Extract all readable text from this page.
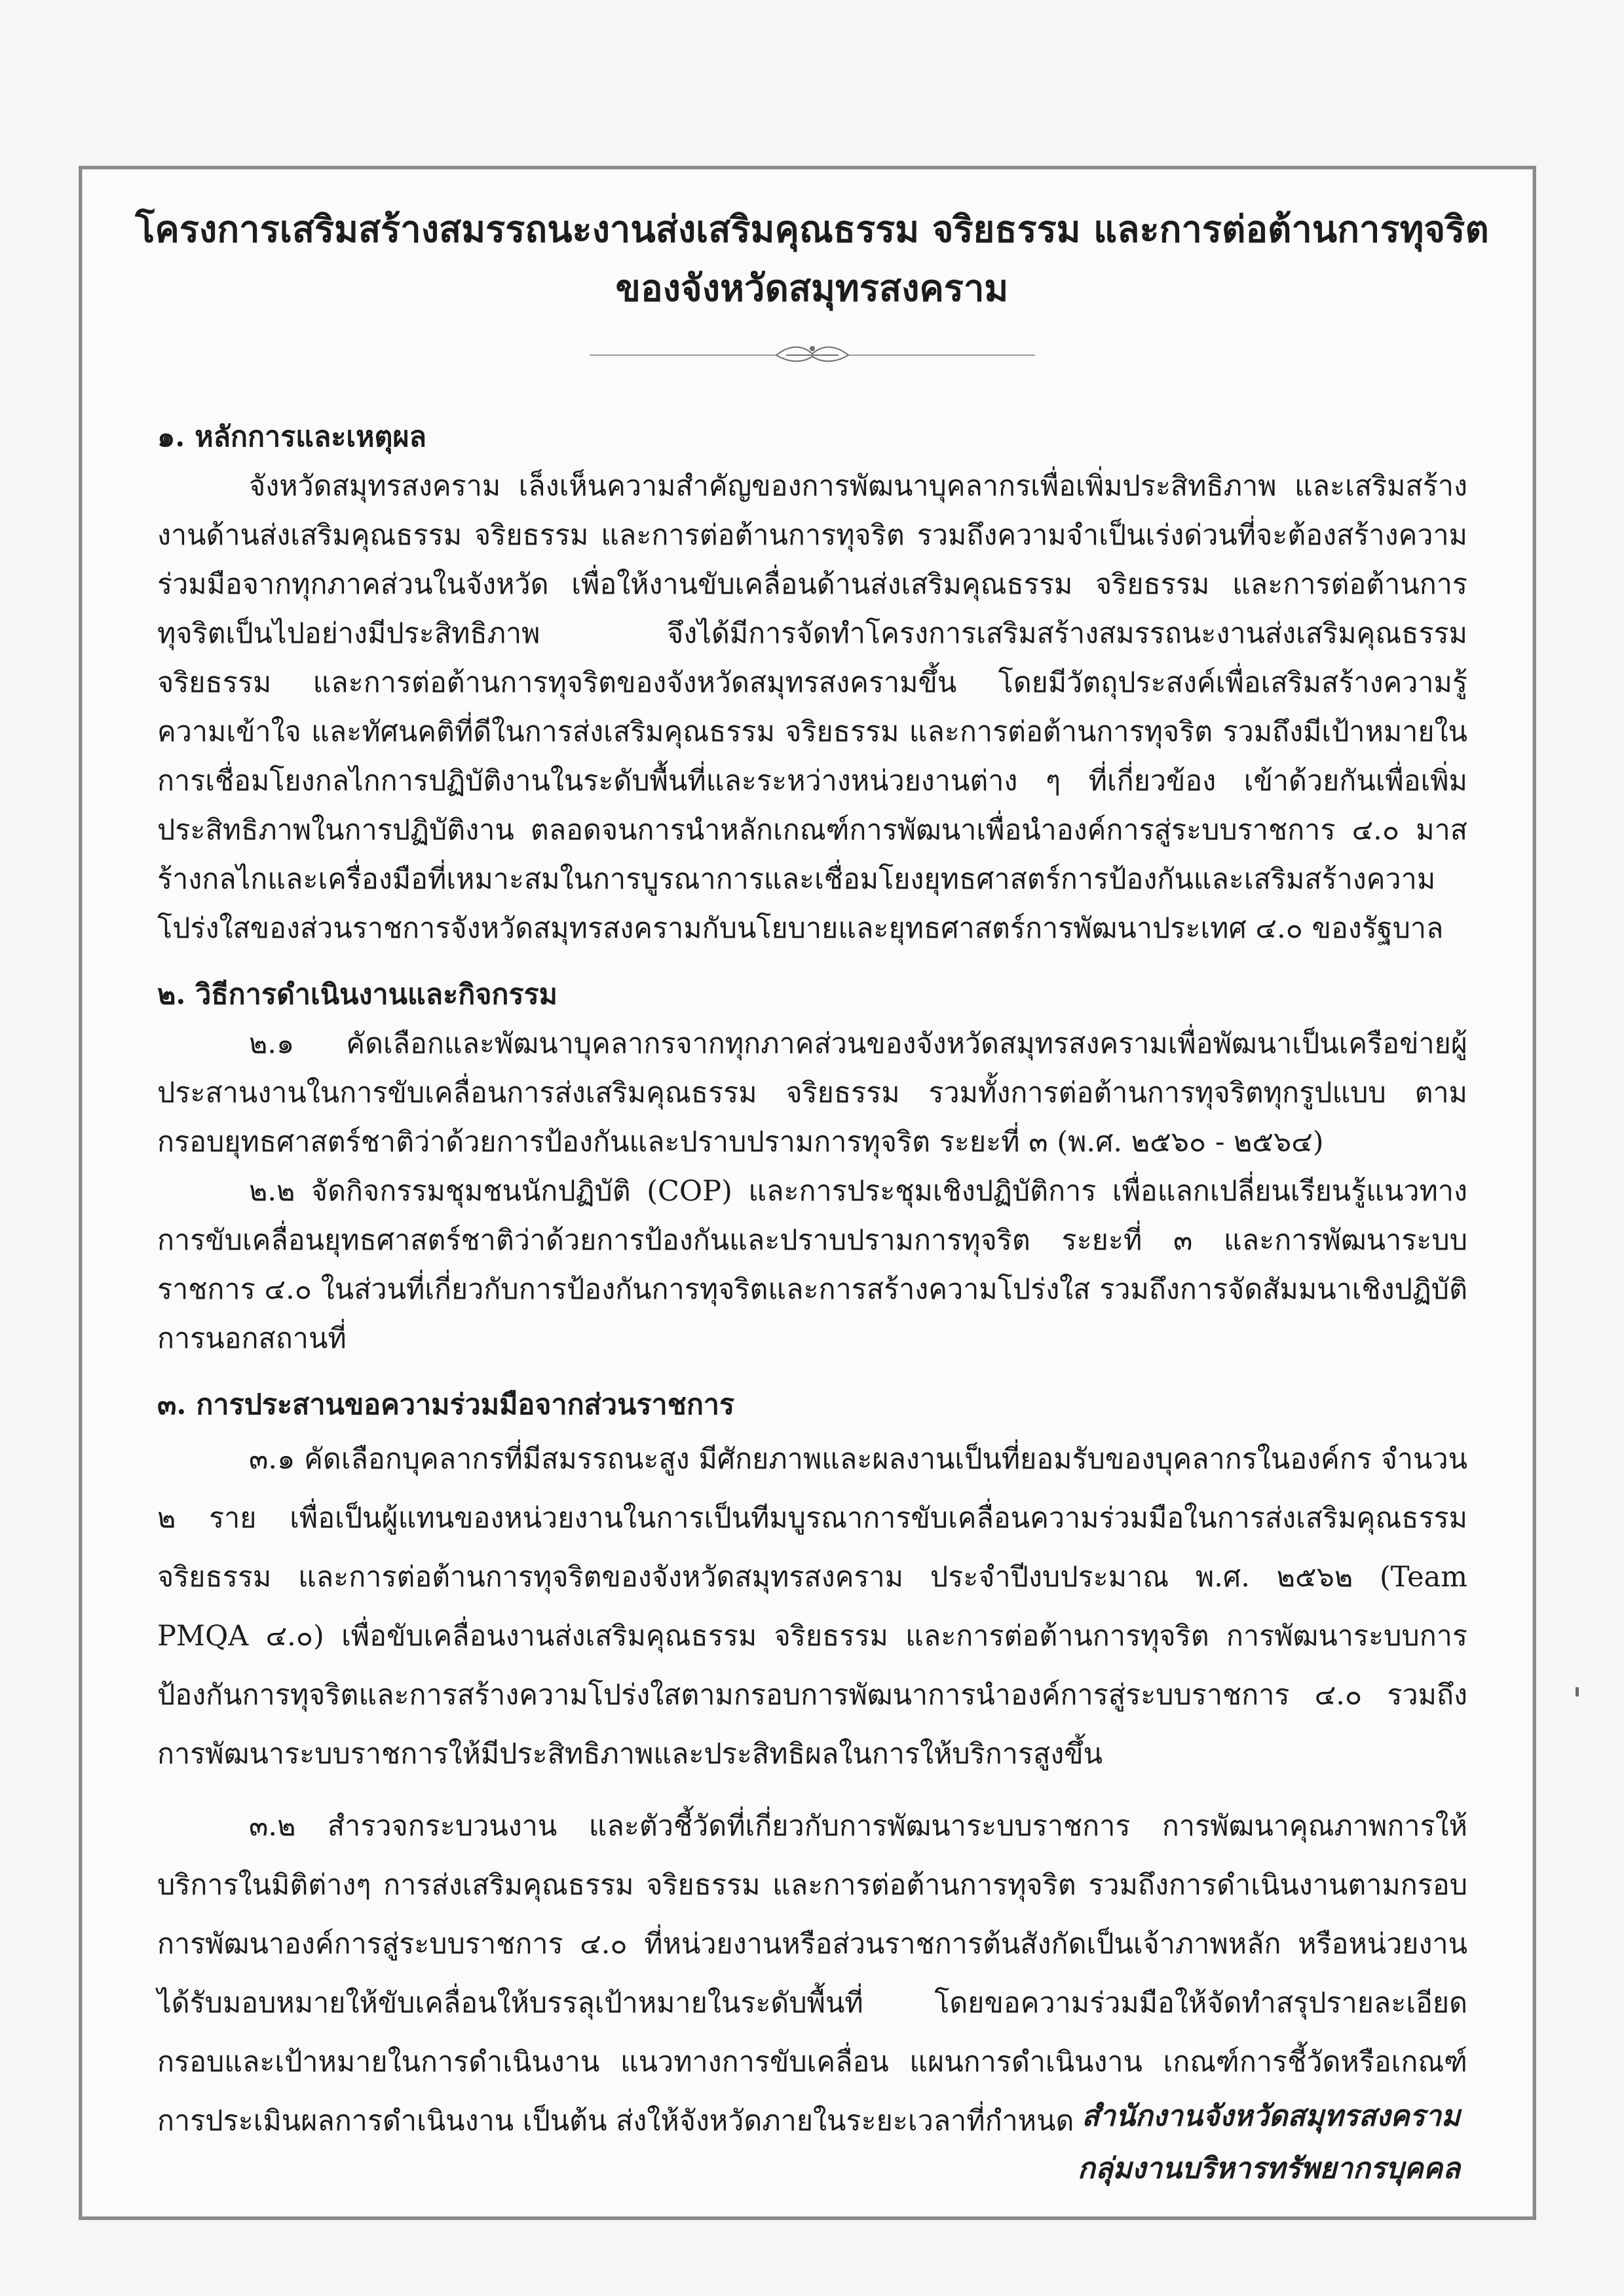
โครงการเสริมสร้างสมรรถนะงานส่งเสริมคุณธรรม จริยธรรม และการต่อต้านการทุจริต
ของจังหวัดสมุทรสงคราม

๑. หลักการและเหตุผล

จังหวัดสมุทรสงคราม เล็งเห็นความสำคัญของการพัฒนาบุคลากรเพื่อเพิ่มประสิทธิภาพ และเสริมสร้างงานด้านส่งเสริมคุณธรรม จริยธรรม และการต่อต้านการทุจริต รวมถึงความจำเป็นเร่งด่วนที่จะต้องสร้างความร่วมมือจากทุกภาคส่วนในจังหวัด เพื่อให้งานขับเคลื่อนด้านส่งเสริมคุณธรรม จริยธรรม และการต่อต้านการทุจริตเป็นไปอย่างมีประสิทธิภาพ จึงได้มีการจัดทำโครงการเสริมสร้างสมรรถนะงานส่งเสริมคุณธรรม จริยธรรม และการต่อต้านการทุจริตของจังหวัดสมุทรสงครามขึ้น โดยมีวัตถุประสงค์เพื่อเสริมสร้างความรู้ความเข้าใจ และทัศนคติที่ดีในการส่งเสริมคุณธรรม จริยธรรม และการต่อต้านการทุจริต รวมถึงมีเป้าหมายในการเชื่อมโยงกลไกการปฏิบัติงานในระดับพื้นที่และระหว่างหน่วยงานต่าง ๆ ที่เกี่ยวข้อง เข้าด้วยกันเพื่อเพิ่มประสิทธิภาพในการปฏิบัติงาน ตลอดจนการนำหลักเกณฑ์การพัฒนาเพื่อนำองค์การสู่ระบบราชการ ๔.๐ มาสร้างกลไกและเครื่องมือที่เหมาะสมในการบูรณาการและเชื่อมโยงยุทธศาสตร์การป้องกันและเสริมสร้างความโปร่งใสของส่วนราชการจังหวัดสมุทรสงครามกับนโยบายและยุทธศาสตร์การพัฒนาประเทศ ๔.๐ ของรัฐบาล

๒. วิธีการดำเนินงานและกิจกรรม

๒.๑ คัดเลือกและพัฒนาบุคลากรจากทุกภาคส่วนของจังหวัดสมุทรสงครามเพื่อพัฒนาเป็นเครือข่ายผู้ประสานงานในการขับเคลื่อนการส่งเสริมคุณธรรม จริยธรรม รวมทั้งการต่อต้านการทุจริตทุกรูปแบบ ตามกรอบยุทธศาสตร์ชาติว่าด้วยการป้องกันและปราบปรามการทุจริต ระยะที่ ๓ (พ.ศ. ๒๕๖๐ - ๒๕๖๔)

๒.๒ จัดกิจกรรมชุมชนนักปฏิบัติ (COP) และการประชุมเชิงปฏิบัติการ เพื่อแลกเปลี่ยนเรียนรู้แนวทางการขับเคลื่อนยุทธศาสตร์ชาติว่าด้วยการป้องกันและปราบปรามการทุจริต ระยะที่ ๓ และการพัฒนาระบบราชการ ๔.๐ ในส่วนที่เกี่ยวกับการป้องกันการทุจริตและการสร้างความโปร่งใส รวมถึงการจัดสัมมนาเชิงปฏิบัติการนอกสถานที่

๓. การประสานขอความร่วมมือจากส่วนราชการ

๓.๑ คัดเลือกบุคลากรที่มีสมรรถนะสูง มีศักยภาพและผลงานเป็นที่ยอมรับของบุคลากรในองค์กร จำนวน ๒ ราย เพื่อเป็นผู้แทนของหน่วยงานในการเป็นทีมบูรณาการขับเคลื่อนความร่วมมือในการส่งเสริมคุณธรรม จริยธรรม และการต่อต้านการทุจริตของจังหวัดสมุทรสงคราม ประจำปีงบประมาณ พ.ศ. ๒๕๖๒ (Team PMQA ๔.๐) เพื่อขับเคลื่อนงานส่งเสริมคุณธรรม จริยธรรม และการต่อต้านการทุจริต การพัฒนาระบบการป้องกันการทุจริตและการสร้างความโปร่งใสตามกรอบการพัฒนาการนำองค์การสู่ระบบราชการ ๔.๐ รวมถึงการพัฒนาระบบราชการให้มีประสิทธิภาพและประสิทธิผลในการให้บริการสูงขึ้น

๓.๒ สำรวจกระบวนงาน และตัวชี้วัดที่เกี่ยวกับการพัฒนาระบบราชการ การพัฒนาคุณภาพการให้บริการในมิติต่างๆ การส่งเสริมคุณธรรม จริยธรรม และการต่อต้านการทุจริต รวมถึงการดำเนินงานตามกรอบการพัฒนาองค์การสู่ระบบราชการ ๔.๐ ที่หน่วยงานหรือส่วนราชการต้นสังกัดเป็นเจ้าภาพหลัก หรือหน่วยงานได้รับมอบหมายให้ขับเคลื่อนให้บรรลุเป้าหมายในระดับพื้นที่ โดยขอความร่วมมือให้จัดทำสรุปรายละเอียดกรอบและเป้าหมายในการดำเนินงาน แนวทางการขับเคลื่อน แผนการดำเนินงาน เกณฑ์การชี้วัดหรือเกณฑ์การประเมินผลการดำเนินงาน เป็นต้น ส่งให้จังหวัดภายในระยะเวลาที่กำหนด สำนักงานจังหวัดสมุทรสงคราม
กลุ่มงานบริหารทรัพยากรบุคคล
